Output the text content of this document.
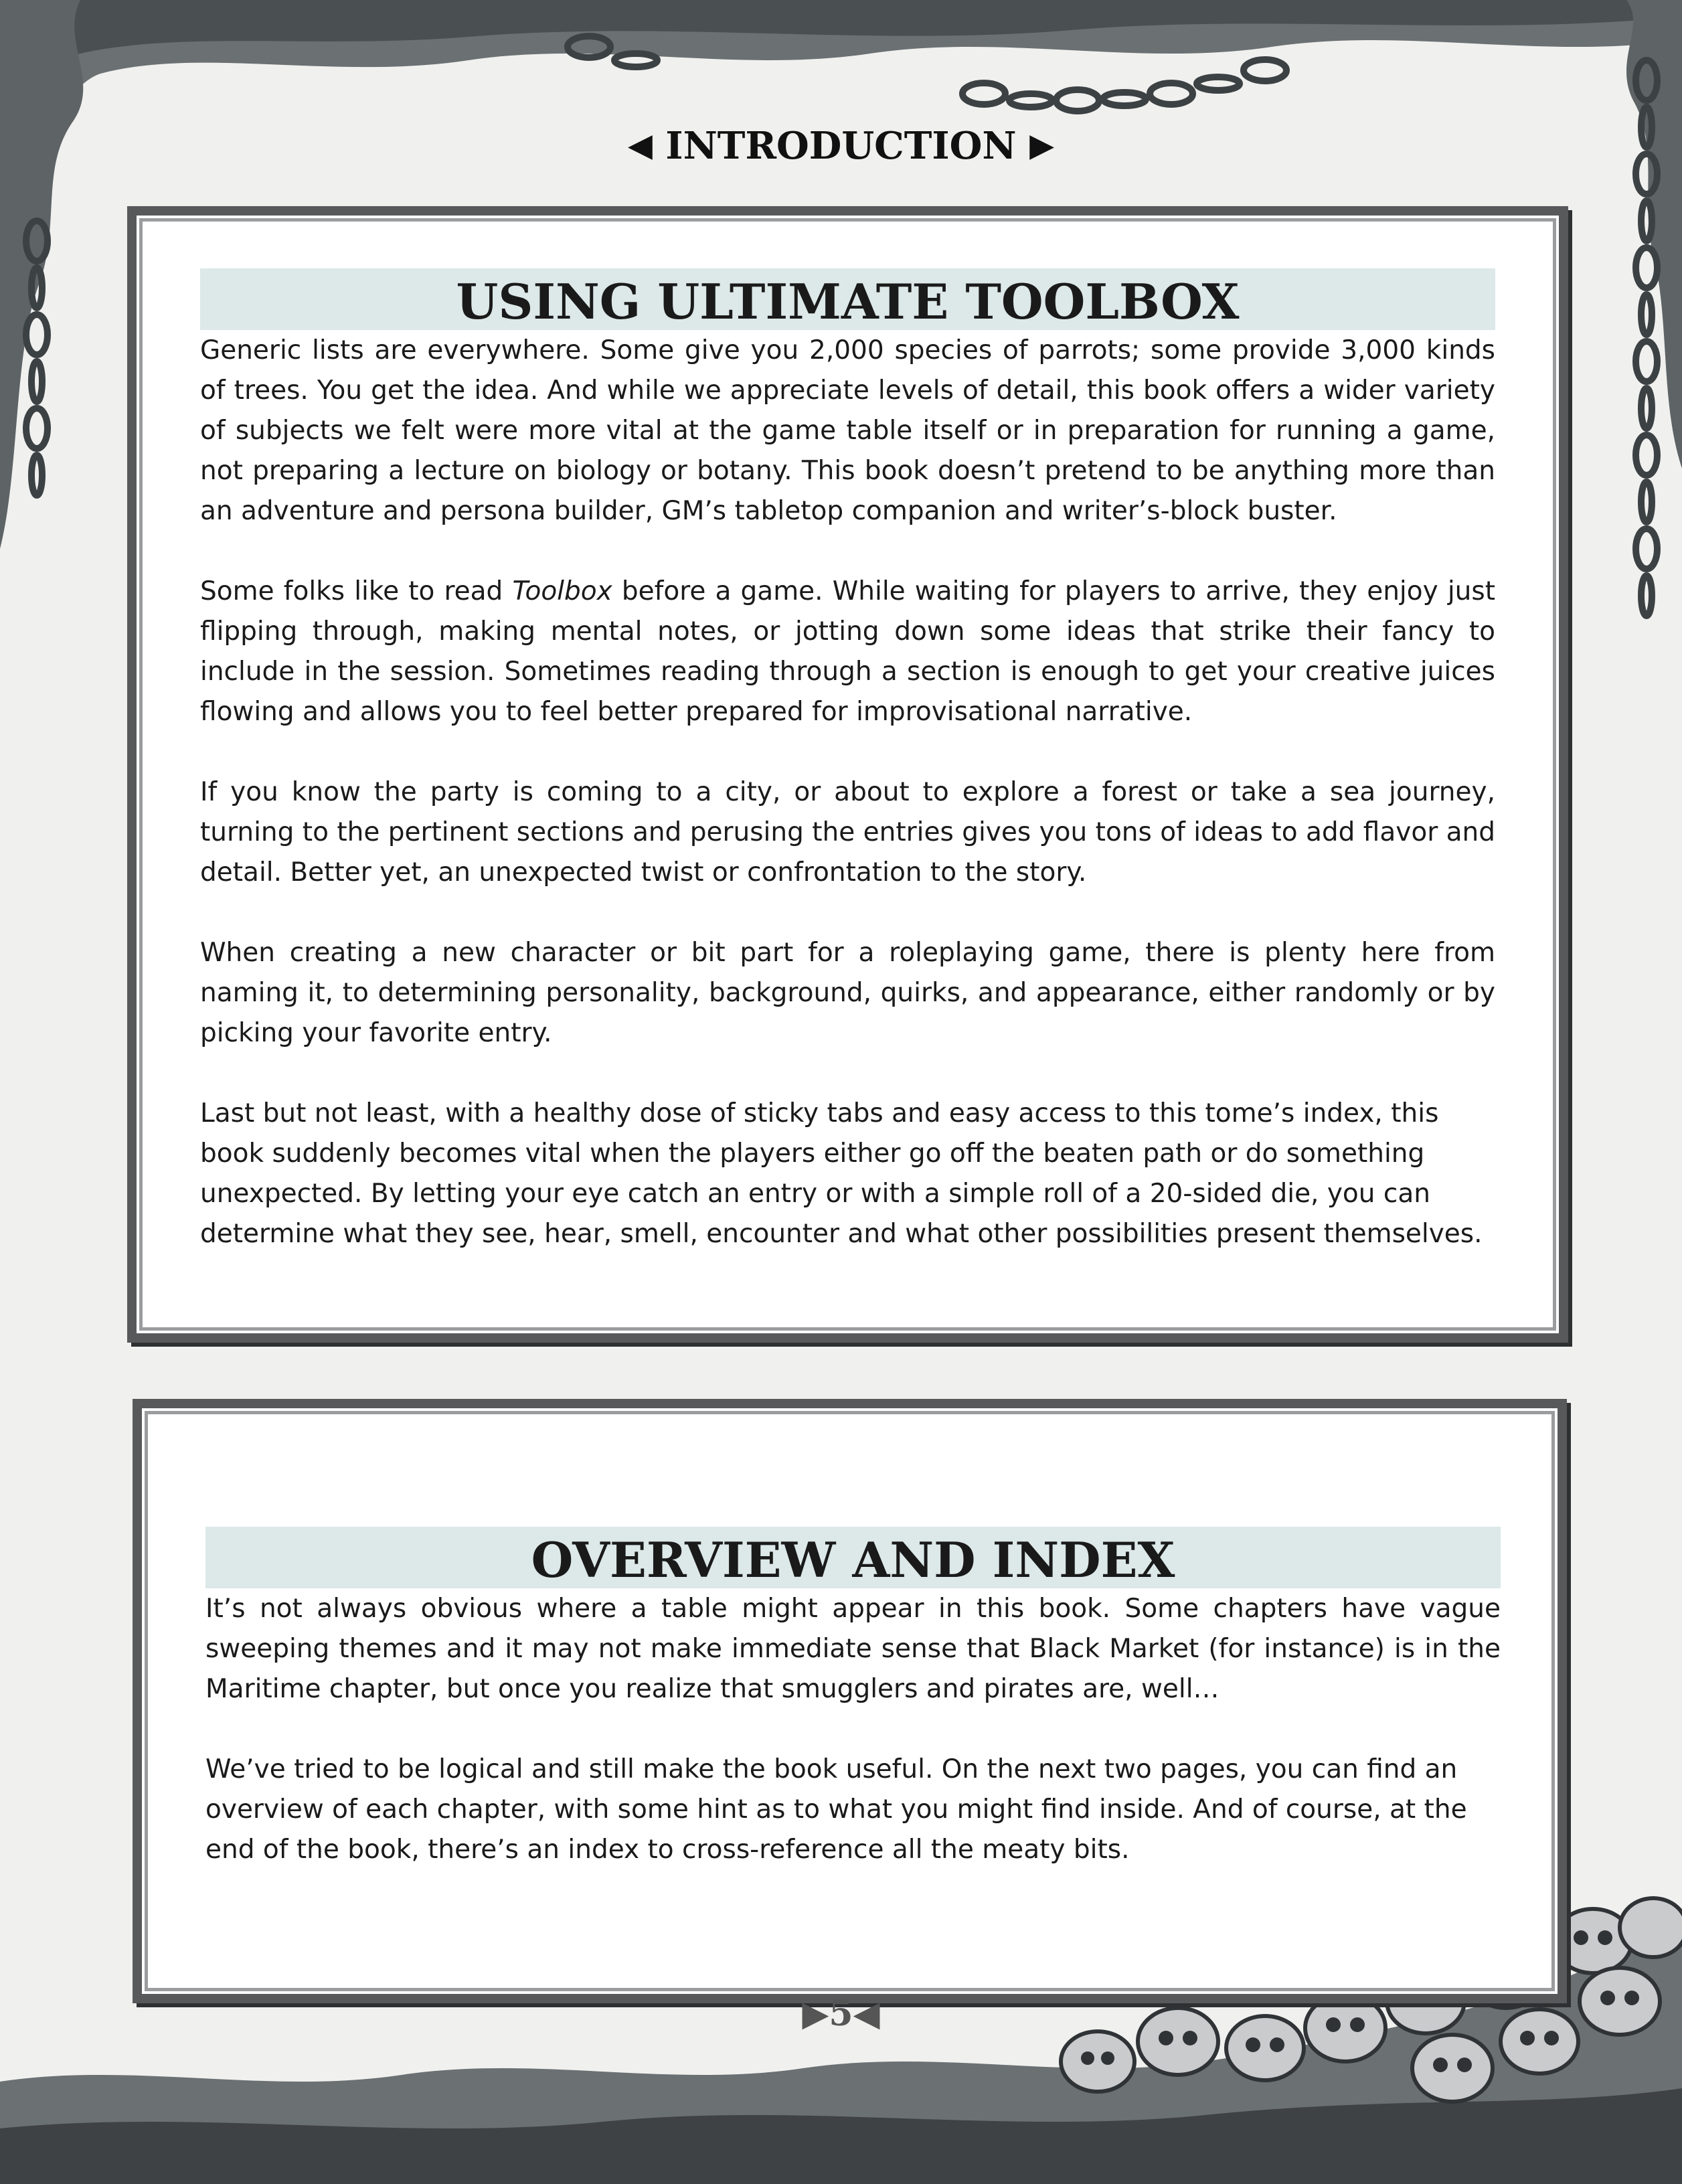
◀ INTRODUCTION ▶
USING ULTIMATE TOOLBOX

Generic lists are everywhere. Some give you 2,000 species of parrots; some provide 3,000 kinds of trees. You get the idea. And while we appreciate levels of detail, this book offers a wider variety of subjects we felt were more vital at the game table itself or in preparation for running a game, not preparing a lecture on biology or botany. This book doesn’t pretend to be anything more than an adventure and persona builder, GM’s tabletop companion and writer’s-block buster.

Some folks like to read Toolbox before a game. While waiting for players to arrive, they enjoy just flipping through, making mental notes, or jotting down some ideas that strike their fancy to include in the session. Sometimes reading through a section is enough to get your creative juices flowing and allows you to feel better prepared for improvisational narrative.

If you know the party is coming to a city, or about to explore a forest or take a sea journey, turning to the pertinent sections and perusing the entries gives you tons of ideas to add flavor and detail. Better yet, an unexpected twist or confrontation to the story.

When creating a new character or bit part for a roleplaying game, there is plenty here from naming it, to determining personality, background, quirks, and appearance, either randomly or by picking your favorite entry.

Last but not least, with a healthy dose of sticky tabs and easy access to this tome’s index, this book suddenly becomes vital when the players either go off the beaten path or do something unexpected. By letting your eye catch an entry or with a simple roll of a 20-sided die, you can determine what they see, hear, smell, encounter and what other possibilities present themselves.

OVERVIEW AND INDEX

It’s not always obvious where a table might appear in this book. Some chapters have vague sweeping themes and it may not make immediate sense that Black Market (for instance) is in the Maritime chapter, but once you realize that smugglers and pirates are, well…

We’ve tried to be logical and still make the book useful. On the next two pages, you can find an overview of each chapter, with some hint as to what you might find inside. And of course, at the end of the book, there’s an index to cross-reference all the meaty bits.

▶5◀
